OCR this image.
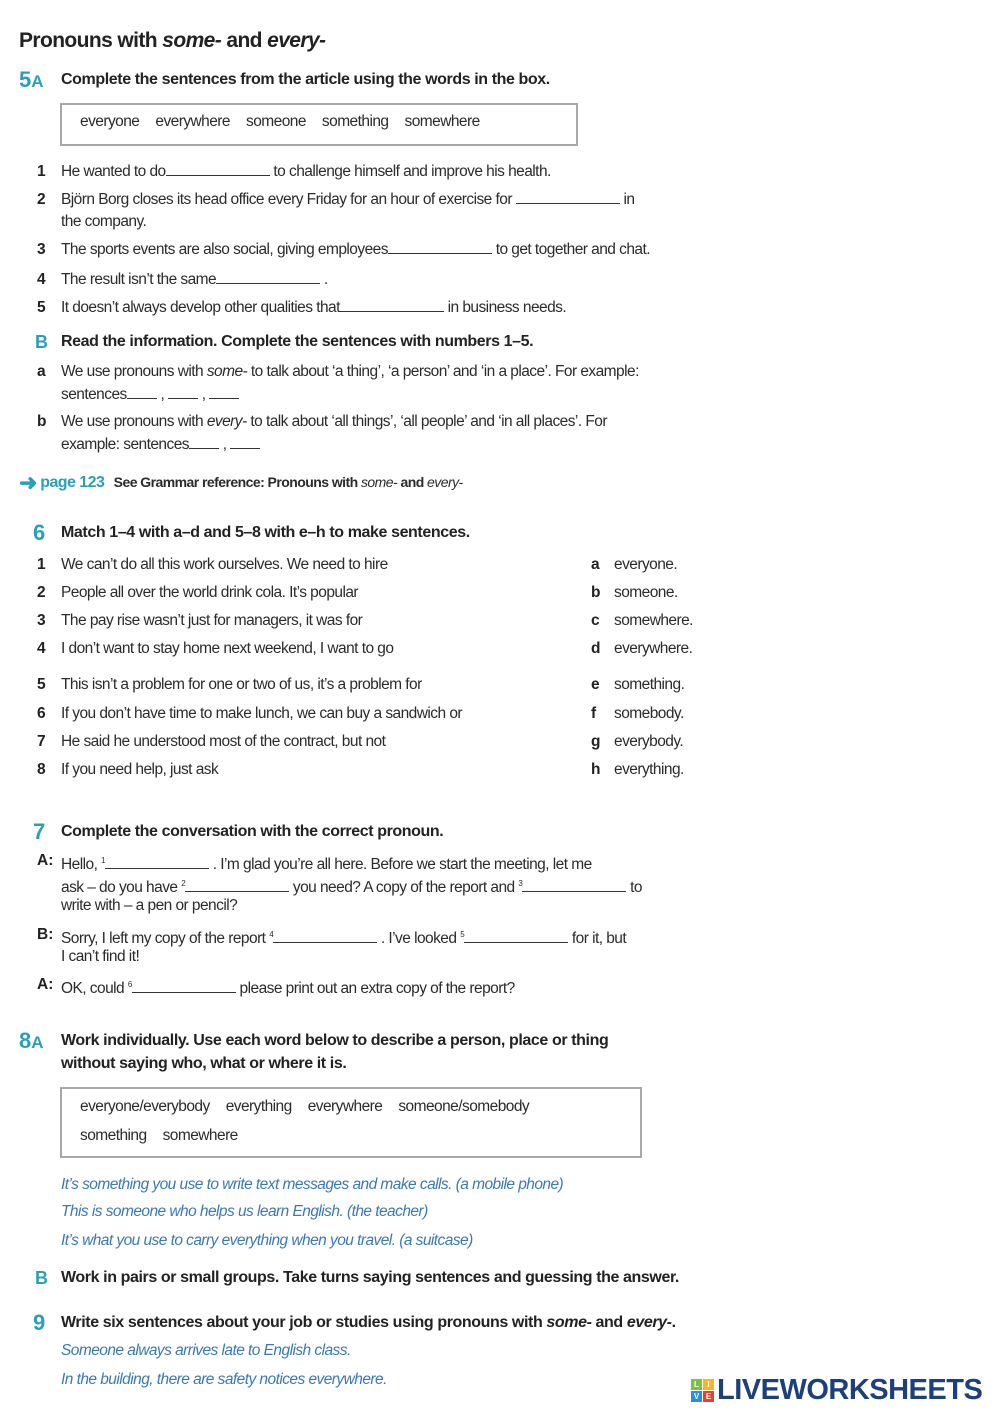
Pronouns with some- and every-
5A Complete the sentences from the article using the words in the box.
everyone everywhere someone something somewhere
1 He wanted to do	to challenge himself and improve his health.
2 Björn Borg closes its head office every Friday for an hour of exercise for	in
the company.
3 The sports events are also social, giving employees	to get together and chat.
4 The result isn’t the same	.
5 It doesn’t always develop other qualities that	in business needs.
B Read the information. Complete the sentences with numbers 1–5.
a We use pronouns with some- to talk about ‘a thing’, ‘a person’ and ‘in a place’. For example:
sentences ,  ,
b We use pronouns with every- to talk about ‘all things’, ‘all people’ and ‘in all places’. For
example: sentences ,
➜ page 123 See Grammar reference: Pronouns with some- and every-
6 Match 1–4 with a–d and 5–8 with e–h to make sentences.
1 We can’t do all this work ourselves. We need to hire	a everyone.
2 People all over the world drink cola. It’s popular	b someone.
3 The pay rise wasn’t just for managers, it was for	c somewhere.
4 I don’t want to stay home next weekend, I want to go	d everywhere.
5 This isn’t a problem for one or two of us, it’s a problem for	e something.
6 If you don’t have time to make lunch, we can buy a sandwich or	f somebody.
7 He said he understood most of the contract, but not	g everybody.
8 If you need help, just ask	h everything.
7 Complete the conversation with the correct pronoun.
A: Hello, $^1$	. I’m glad you’re all here. Before we start the meeting, let me
ask – do you have $^2$	you need? A copy of the report and $^3$	to
write with – a pen or pencil?
B: Sorry, I left my copy of the report $^4$	. I’ve looked $^5$	for it, but
I can’t find it!
A: OK, could $^6$	please print out an extra copy of the report?
8A Work individually. Use each word below to describe a person, place or thing
without saying who, what or where it is.
everyone/everybody everything everywhere someone/somebody
something somewhere
It’s something you use to write text messages and make calls. (a mobile phone)
This is someone who helps us learn English. (the teacher)
It’s what you use to carry everything when you travel. (a suitcase)
B Work in pairs or small groups. Take turns saying sentences and guessing the answer.
9 Write six sentences about your job or studies using pronouns with some- and every-.
Someone always arrives late to English class.
In the building, there are safety notices everywhere.	L	I
V E LIVEWORKSHEETS
